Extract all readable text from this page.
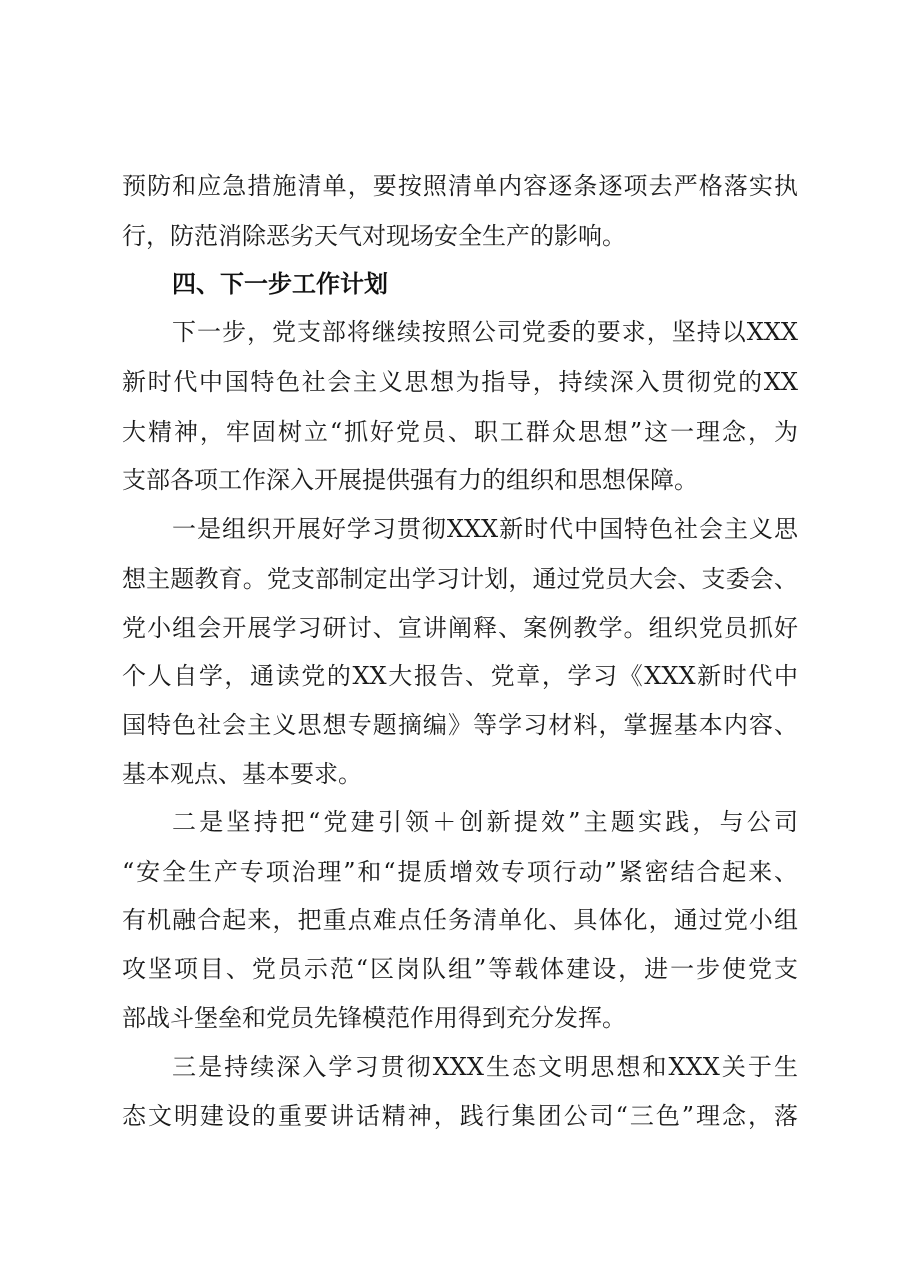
预防和应急措施清单，要按照清单内容逐条逐项去严格落实执
行，防范消除恶劣天气对现场安全生产的影响。
四、下一步工作计划
下一步，党支部将继续按照公司党委的要求，坚持以XXX
新时代中国特色社会主义思想为指导，持续深入贯彻党的XX
大精神，牢固树立“抓好党员、职工群众思想”这一理念，为
支部各项工作深入开展提供强有力的组织和思想保障。
一是组织开展好学习贯彻XXX新时代中国特色社会主义思
想主题教育。党支部制定出学习计划，通过党员大会、支委会、
党小组会开展学习研讨、宣讲阐释、案例教学。组织党员抓好
个人自学，通读党的XX大报告、党章，学习《XXX新时代中
国特色社会主义思想专题摘编》等学习材料，掌握基本内容、
基本观点、基本要求。
二是坚持把“党建引领＋创新提效”主题实践，与公司
“安全生产专项治理”和“提质增效专项行动”紧密结合起来、
有机融合起来，把重点难点任务清单化、具体化，通过党小组
攻坚项目、党员示范“区岗队组”等载体建设，进一步使党支
部战斗堡垒和党员先锋模范作用得到充分发挥。
三是持续深入学习贯彻XXX生态文明思想和XXX关于生
态文明建设的重要讲话精神，践行集团公司“三色”理念，落
